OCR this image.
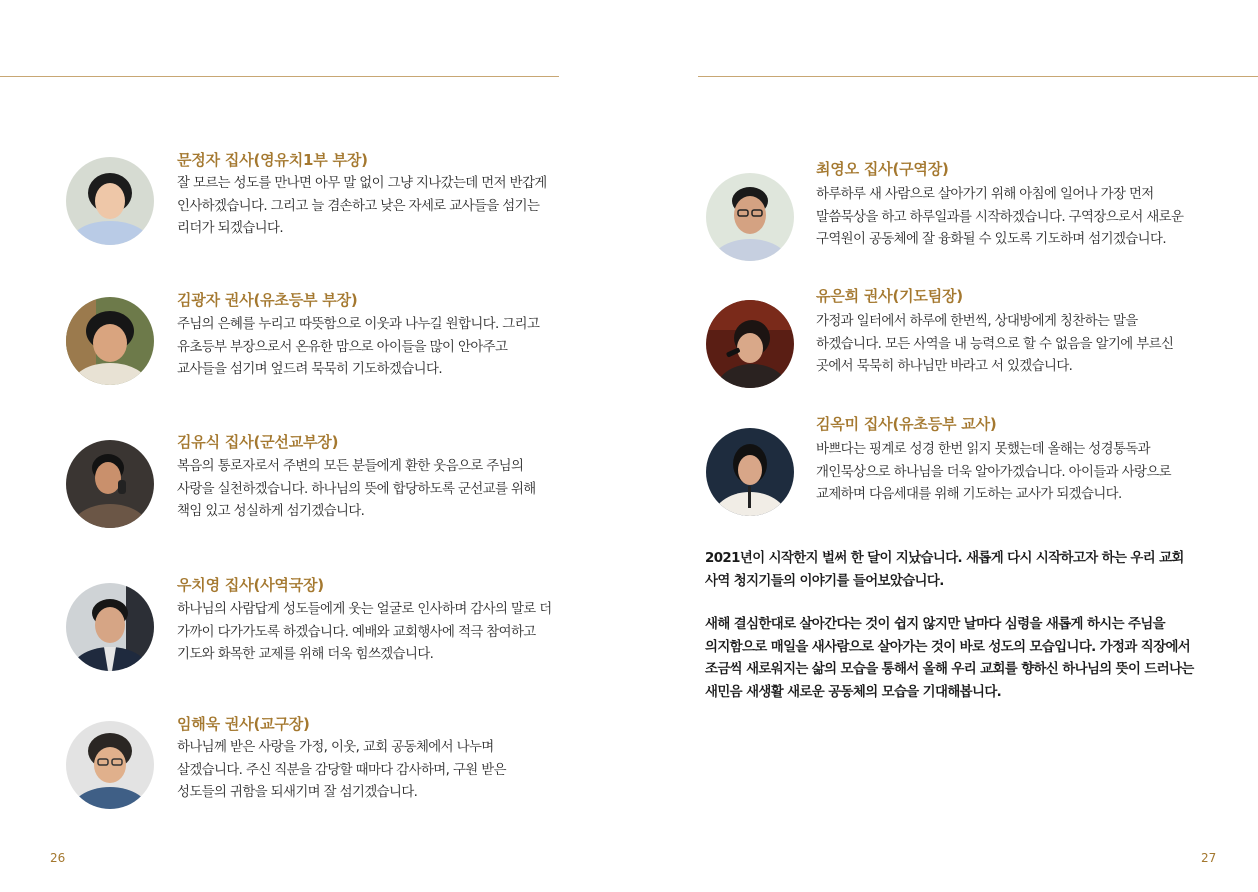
문정자 집사(영유치1부 부장)
잘 모르는 성도를 만나면 아무 말 없이 그냥 지나갔는데 먼저 반갑게 인사하겠습니다. 그리고 늘 겸손하고 낮은 자세로 교사들을 섬기는 리더가 되겠습니다.
김광자 권사(유초등부 부장)
주님의 은혜를 누리고 따뜻함으로 이웃과 나누길 원합니다. 그리고 유초등부 부장으로서 온유한 맘으로 아이들을 많이 안아주고 교사들을 섬기며 엎드려 묵묵히 기도하겠습니다.
김유식 집사(군선교부장)
복음의 통로자로서 주변의 모든 분들에게 환한 웃음으로 주님의 사랑을 실천하겠습니다. 하나님의 뜻에 합당하도록 군선교를 위해 책임 있고 성실하게 섬기겠습니다.
우치영 집사(사역국장)
하나님의 사람답게 성도들에게 웃는 얼굴로 인사하며 감사의 말로 더 가까이 다가가도록 하겠습니다. 예배와 교회행사에 적극 참여하고 기도와 화목한 교제를 위해 더욱 힘쓰겠습니다.
임해욱 권사(교구장)
하나님께 받은 사랑을 가정, 이웃, 교회 공동체에서 나누며 살겠습니다. 주신 직분을 감당할 때마다 감사하며, 구원 받은 성도들의 귀함을 되새기며 잘 섬기겠습니다.
26
최영오 집사(구역장)
하루하루 새 사람으로 살아가기 위해 아침에 일어나 가장 먼저 말씀묵상을 하고 하루일과를 시작하겠습니다. 구역장으로서 새로운 구역원이 공동체에 잘 융화될 수 있도록 기도하며 섬기겠습니다.
유은희 권사(기도팀장)
가정과 일터에서 하루에 한번씩, 상대방에게 칭찬하는 말을 하겠습니다. 모든 사역을 내 능력으로 할 수 없음을 알기에 부르신 곳에서 묵묵히 하나님만 바라고 서 있겠습니다.
김옥미 집사(유초등부 교사)
바쁘다는 핑계로 성경 한번 읽지 못했는데 올해는 성경통독과 개인묵상으로 하나님을 더욱 알아가겠습니다. 아이들과 사랑으로 교제하며 다음세대를 위해 기도하는 교사가 되겠습니다.
2021년이 시작한지 벌써 한 달이 지났습니다. 새롭게 다시 시작하고자 하는 우리 교회 사역 청지기들의 이야기를 들어보았습니다.
새해 결심한대로 살아간다는 것이 쉽지 않지만 날마다 심령을 새롭게 하시는 주님을 의지함으로 매일을 새사람으로 살아가는 것이 바로 성도의 모습입니다. 가정과 직장에서 조금씩 새로워지는 삶의 모습을 통해서 올해 우리 교회를 향하신 하나님의 뜻이 드러나는 새민음 새생활 새로운 공동체의 모습을 기대해봅니다.
27
